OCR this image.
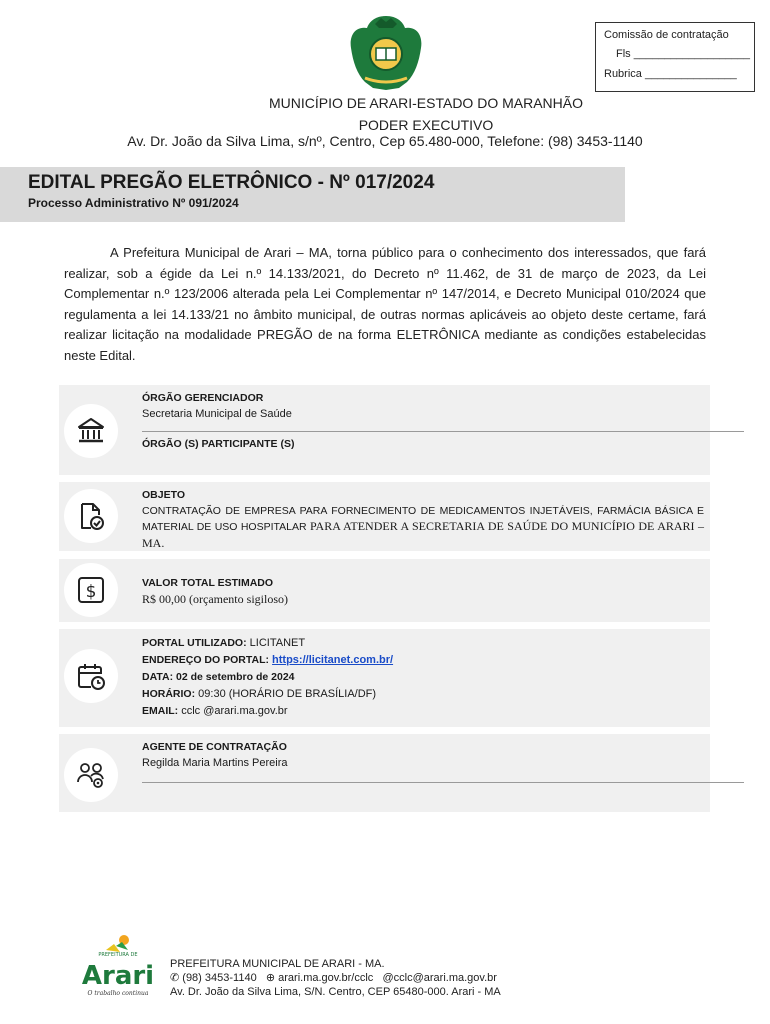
Comissão de contratação
Fls ___________________
Rubrica _______________
MUNICÍPIO DE ARARI-ESTADO DO MARANHÃO
PODER EXECUTIVO
Av. Dr. João da Silva Lima, s/nº, Centro, Cep 65.480-000, Telefone: (98) 3453-1140
EDITAL PREGÃO ELETRÔNICO - Nº 017/2024
Processo Administrativo Nº 091/2024

A Prefeitura Municipal de Arari – MA, torna público para o conhecimento dos interessados, que fará realizar, sob a égide da Lei n.º 14.133/2021, do Decreto nº 11.462, de 31 de março de 2023, da Lei Complementar n.º 123/2006 alterada pela Lei Complementar nº 147/2014, e Decreto Municipal 010/2024 que regulamenta a lei 14.133/21 no âmbito municipal, de outras normas aplicáveis ao objeto deste certame, fará realizar licitação na modalidade PREGÃO de na forma ELETRÔNICA mediante as condições estabelecidas neste Edital.

ÓRGÃO GERENCIADOR
Secretaria Municipal de Saúde
ÓRGÃO (S) PARTICIPANTE (S)
OBJETO
CONTRATAÇÃO DE EMPRESA PARA FORNECIMENTO DE MEDICAMENTOS INJETÁVEIS, FARMÁCIA BÁSICA E MATERIAL DE USO HOSPITALAR PARA ATENDER A SECRETARIA DE SAÚDE DO MUNICÍPIO DE ARARI – MA.
$	VALOR TOTAL ESTIMADO
R$ 00,00 (orçamento sigiloso)
PORTAL UTILIZADO: LICITANET
ENDEREÇO DO PORTAL: https://licitanet.com.br/
DATA: 02 de setembro de 2024
HORÁRIO: 09:30 (HORÁRIO DE BRASÍLIA/DF)
EMAIL: cclc @arari.ma.gov.br
AGENTE DE CONTRATAÇÃO
Regilda Maria Martins Pereira
PREFEITURA DE
Arari
O trabalho continua
PREFEITURA MUNICIPAL DE ARARI - MA.
✆ (98) 3453-1140 ⊕ arari.ma.gov.br/cclc @cclc@arari.ma.gov.br
Av. Dr. João da Silva Lima, S/N. Centro, CEP 65480-000. Arari - MA
